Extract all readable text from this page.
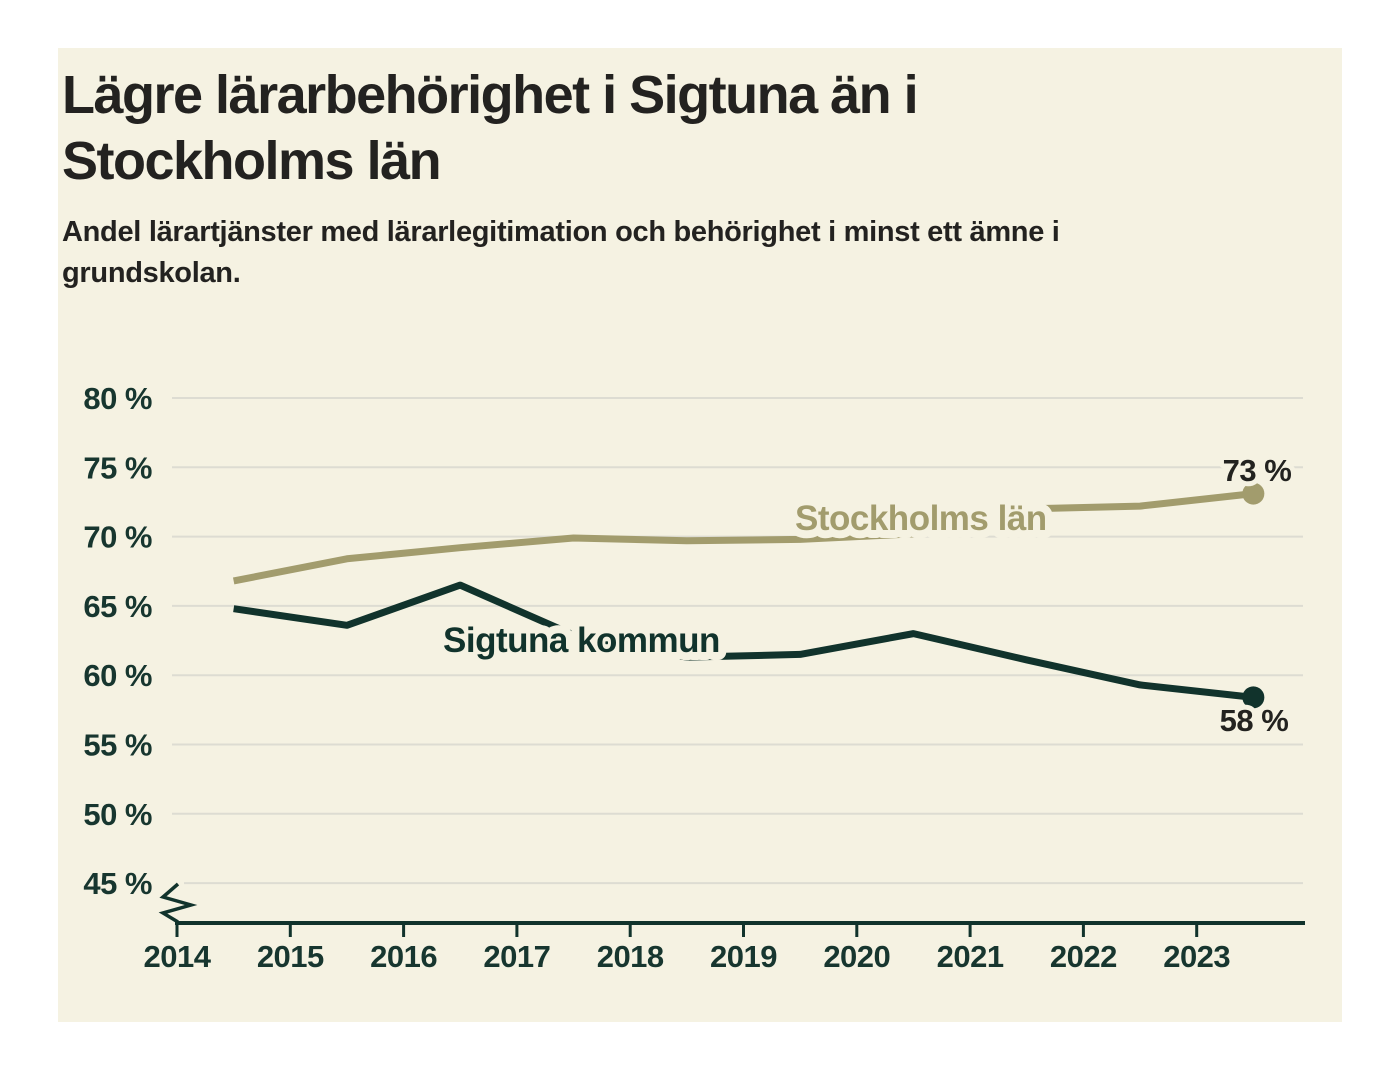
80 %
75 %
70 %
65 %
60 %
55 %
50 %
45 %
2014 2015 2016 2017 2018 2019 2020 2021 2022 2023
Stockholms län
Sigtuna kommun
73 %
58 %
Lägre lärarbehörighet i Sigtuna än i
Stockholms län

Andel lärartjänster med lärarlegitimation och behörighet i minst ett ämne i
grundskolan.
